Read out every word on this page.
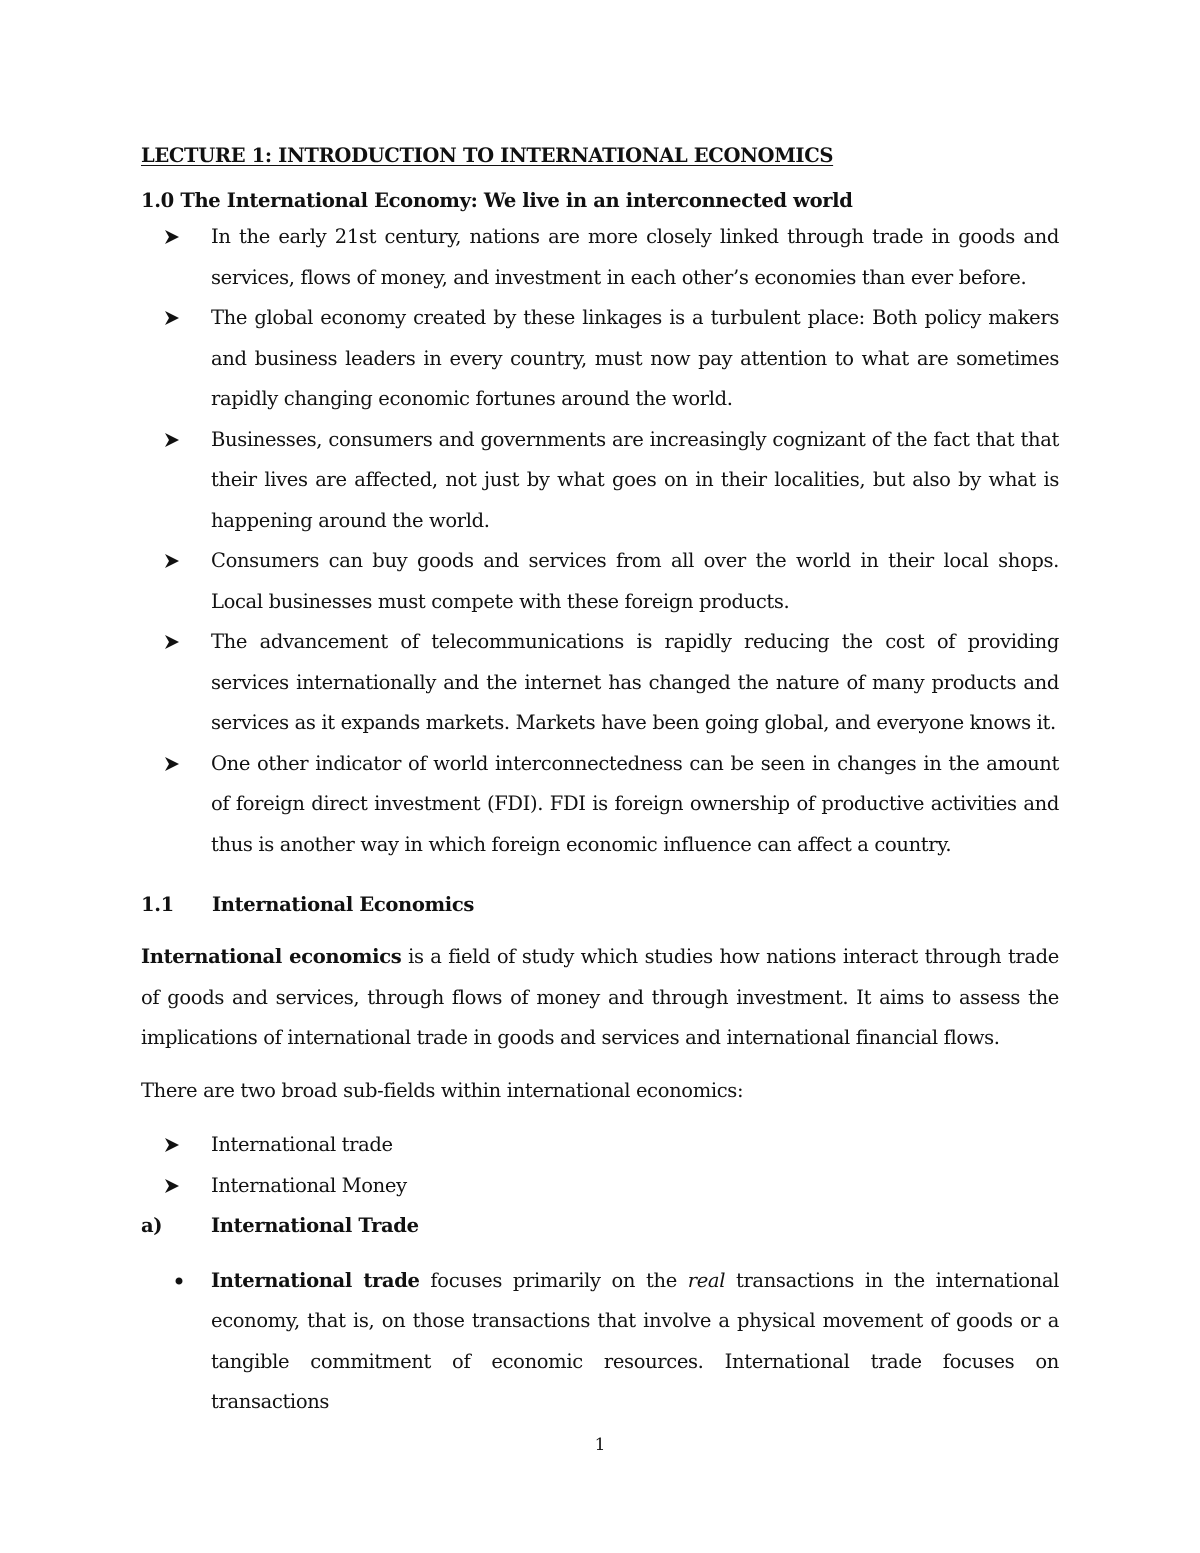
LECTURE 1: INTRODUCTION TO INTERNATIONAL ECONOMICS

1.0 The International Economy: We live in an interconnected world

In the early 21st century, nations are more closely linked through trade in goods and services, flows of money, and investment in each other’s economies than ever before.
The global economy created by these linkages is a turbulent place: Both policy makers and business leaders in every country, must now pay attention to what are sometimes rapidly changing economic fortunes around the world.
Businesses, consumers and governments are increasingly cognizant of the fact that that their lives are affected, not just by what goes on in their localities, but also by what is happening around the world.
Consumers can buy goods and services from all over the world in their local shops. Local businesses must compete with these foreign products.
The advancement of telecommunications is rapidly reducing the cost of providing services internationally and the internet has changed the nature of many products and services as it expands markets. Markets have been going global, and everyone knows it.
One other indicator of world interconnectedness can be seen in changes in the amount of foreign direct investment (FDI). FDI is foreign ownership of productive activities and thus is another way in which foreign economic influence can affect a country.

1.1 International Economics

International economics is a field of study which studies how nations interact through trade of goods and services, through flows of money and through investment. It aims to assess the implications of international trade in goods and services and international financial flows.

There are two broad sub-fields within international economics:

International trade
International Money

a)	International Trade

International trade focuses primarily on the real transactions in the international economy, that is, on those transactions that involve a physical movement of goods or a tangible commitment of economic resources. International trade focuses on transactions
1
